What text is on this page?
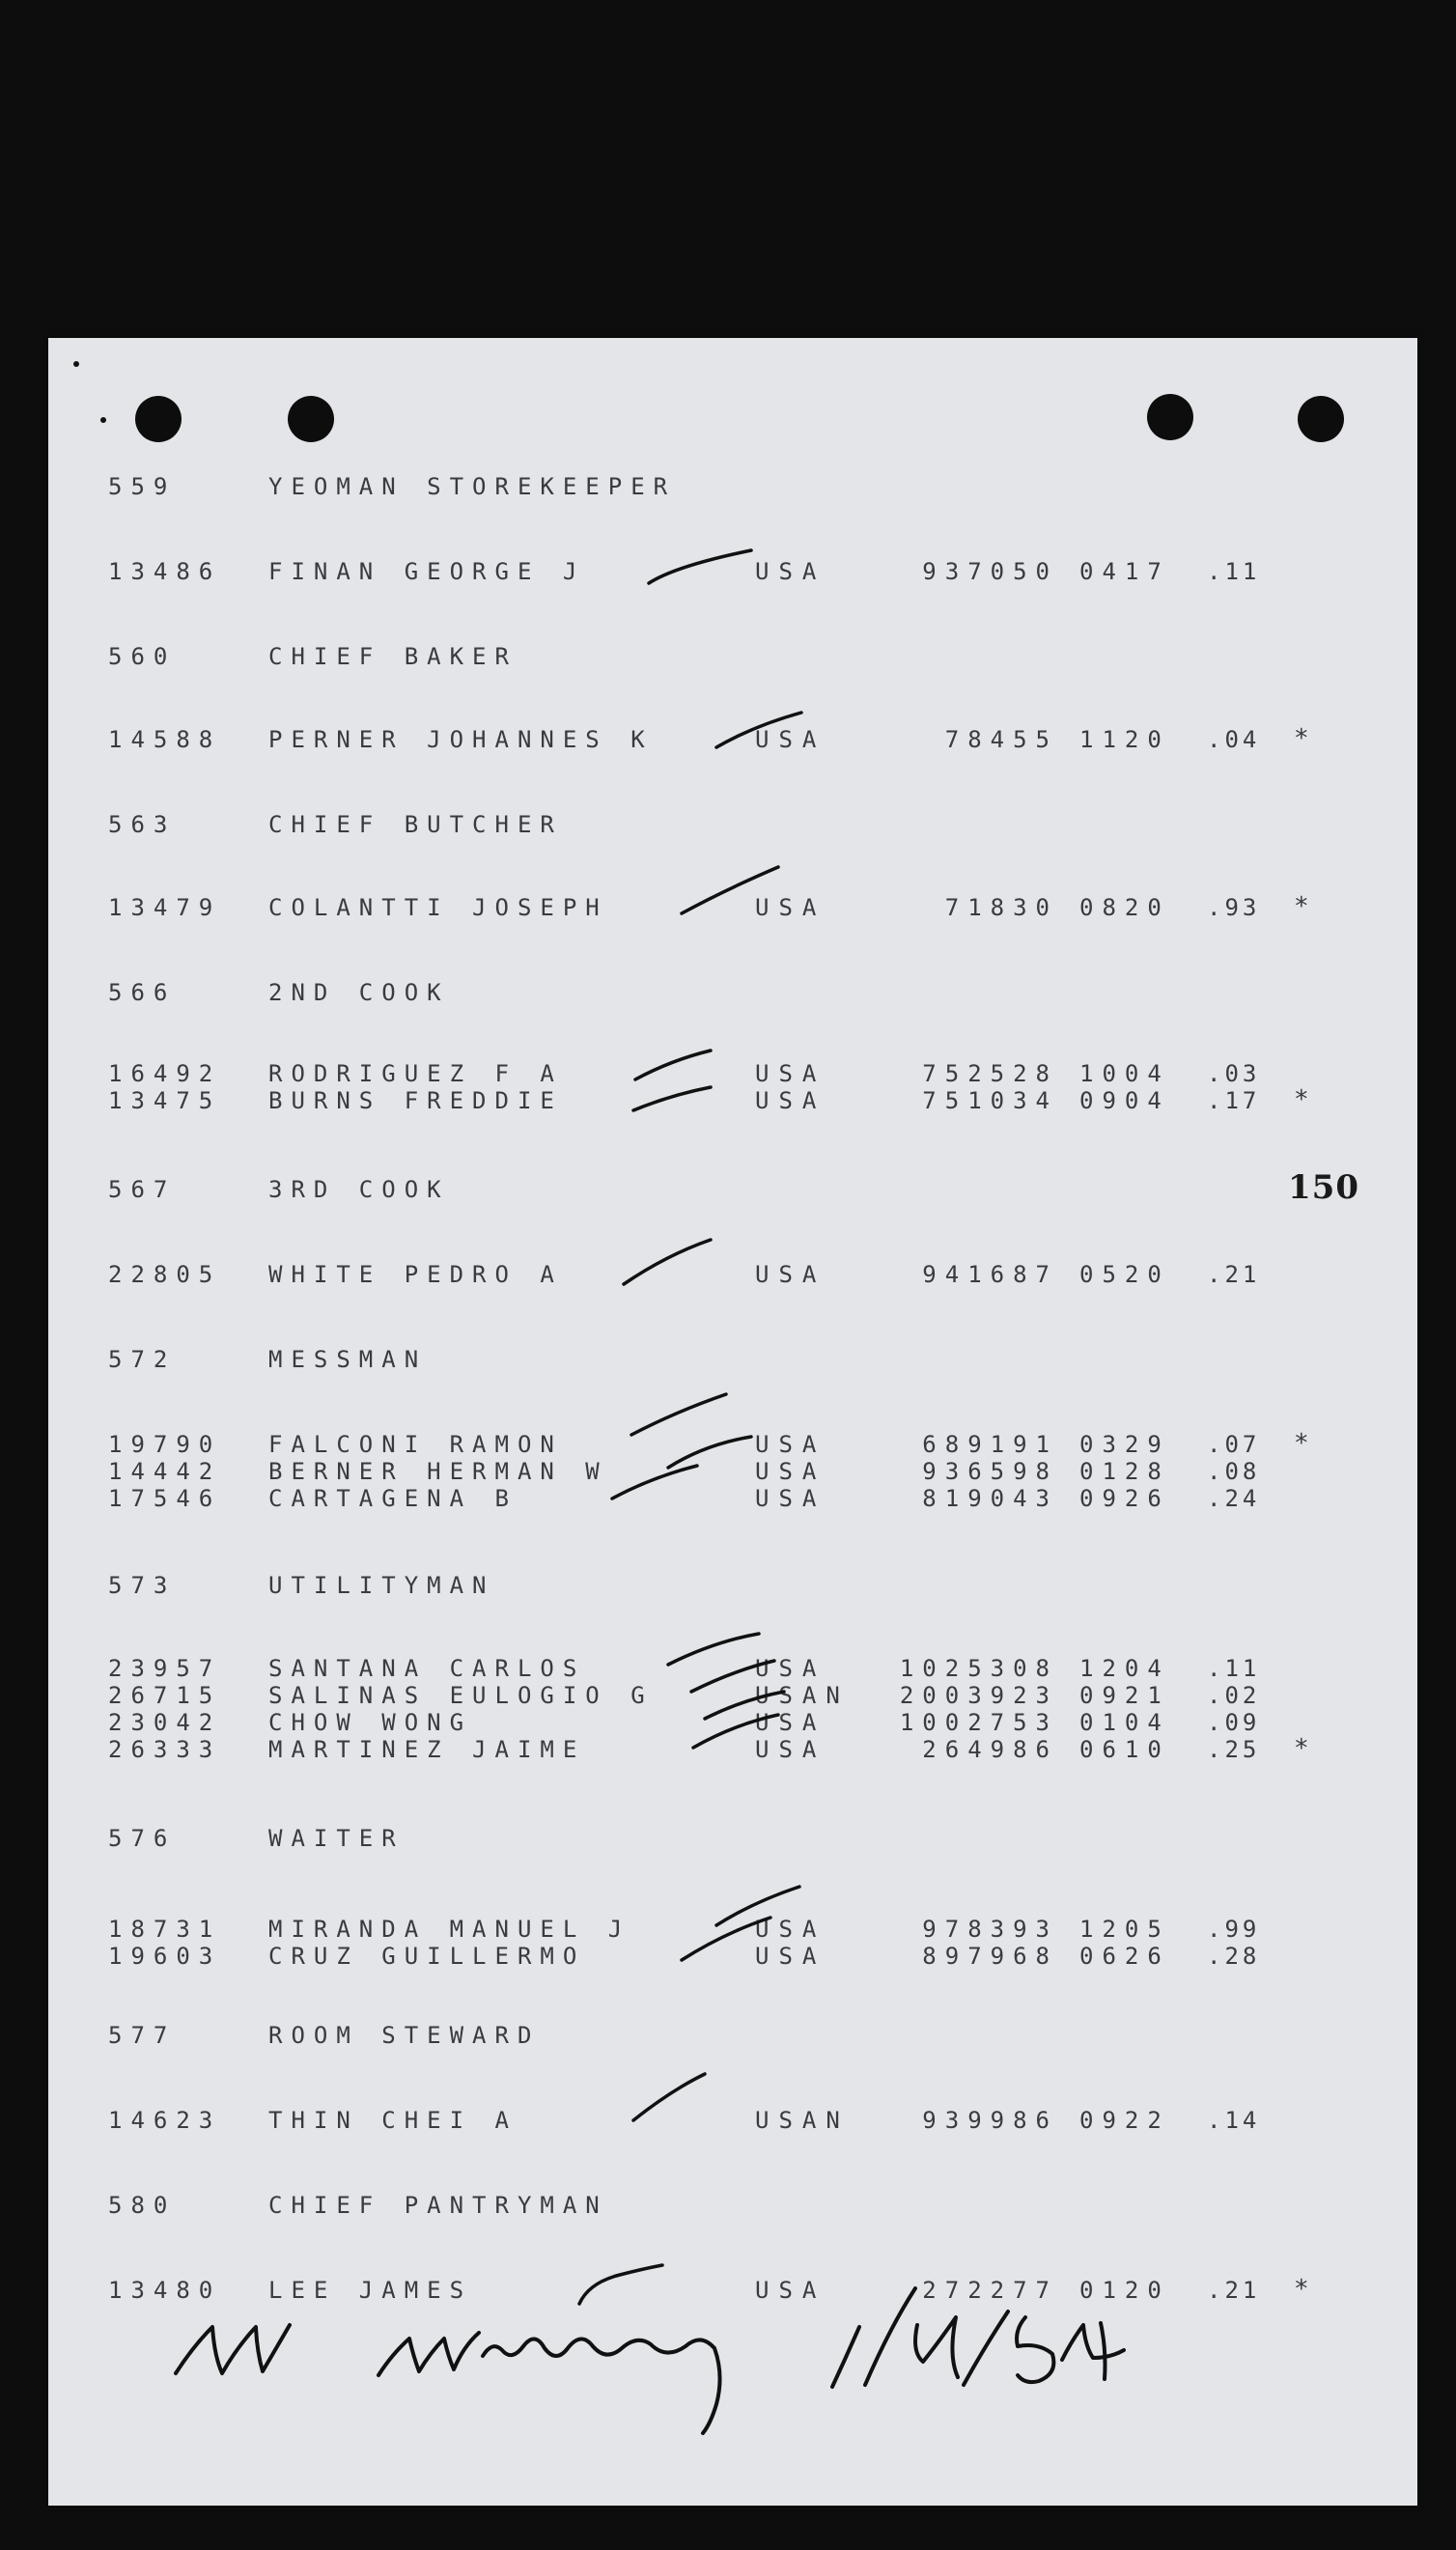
150
559	YEOMAN STOREKEEPER
13486 FINAN GEORGE J	USA	937050 0417 .11
560	CHIEF BAKER
14588 PERNER JOHANNES K	USA	78455 1120 .04 *
563	CHIEF BUTCHER
13479 COLANTTI JOSEPH	USA	71830 0820 .93 *
566	2ND COOK
16492 RODRIGUEZ F A	USA	752528 1004 .03
13475 BURNS FREDDIE	USA	751034 0904 .17 *
567	3RD COOK
22805 WHITE PEDRO A	USA	941687 0520 .21
572	MESSMAN
19790 FALCONI RAMON	USA	689191 0329 .07 *
14442 BERNER HERMAN W	USA	936598 0128 .08
17546 CARTAGENA B	USA	819043 0926 .24
573	UTILITYMAN
23957 SANTANA CARLOS	USA	1025308 1204 .11
26715 SALINAS EULOGIO G	USAN 2003923 0921 .02
23042 CHOW WONG	USA	1002753 0104 .09
26333 MARTINEZ JAIME	USA	264986 0610 .25 *
576	WAITER
18731 MIRANDA MANUEL J	USA	978393 1205 .99
19603 CRUZ GUILLERMO	USA	897968 0626 .28
577	ROOM STEWARD
14623 THIN CHEI A	USAN	939986 0922 .14
580	CHIEF PANTRYMAN
13480 LEE JAMES	USA	272277 0120 .21 *
